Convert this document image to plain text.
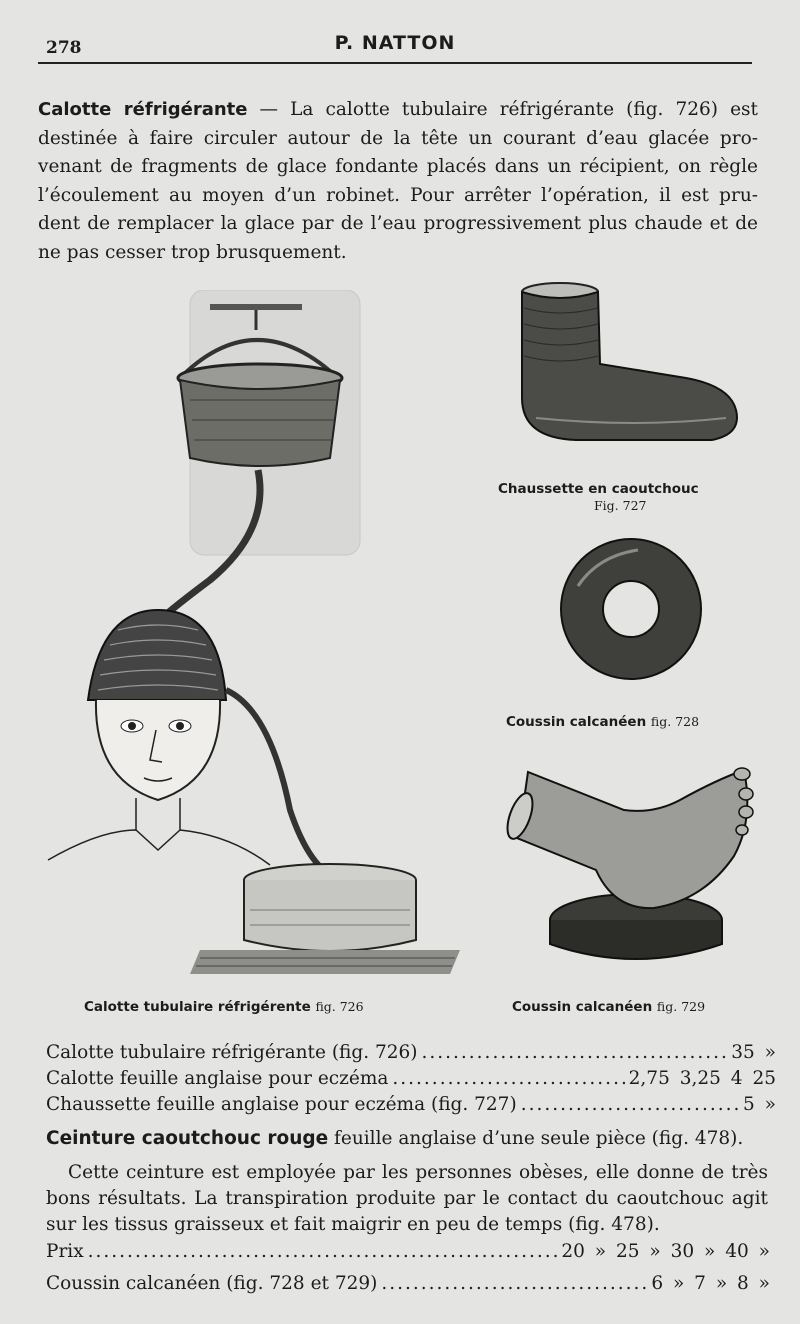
278	P. NATTON
Calotte réfrigérante — La calotte tubulaire réfrigérante (fig. 726) est
destinée à faire circuler autour de la tête un courant d’eau glacée pro-
venant de fragments de glace fondante placés dans un récipient, on règle
l’écoulement au moyen d’un robinet. Pour arrêter l’opération, il est pru-
dent de remplacer la glace par de l’eau progressivement plus chaude et de
ne pas cesser trop brusquement.
Chaussette en caoutchouc
Fig. 727
Coussin calcanéen fig. 728
Coussin calcanéen fig. 729
Calotte tubulaire réfrigérente fig. 726
Calotte tubulaire réfrigérante (fig. 726) .....	35 »
Calotte feuille anglaise pour eczéma .....	2,75 3,25 4 25
Chaussette feuille anglaise pour eczéma (fig. 727) .....	5 »
Ceinture caoutchouc rouge feuille anglaise d’une seule pièce (fig. 478).
Cette ceinture est employée par les personnes obèses, elle donne de très
bons résultats. La transpiration produite par le contact du caoutchouc agit
sur les tissus graisseux et fait maigrir en peu de temps (fig. 478).
Prix .....	20 » 25 » 30 » 40 »
Coussin calcanéen (fig. 728 et 729) .....	6 » 7 » 8 »
